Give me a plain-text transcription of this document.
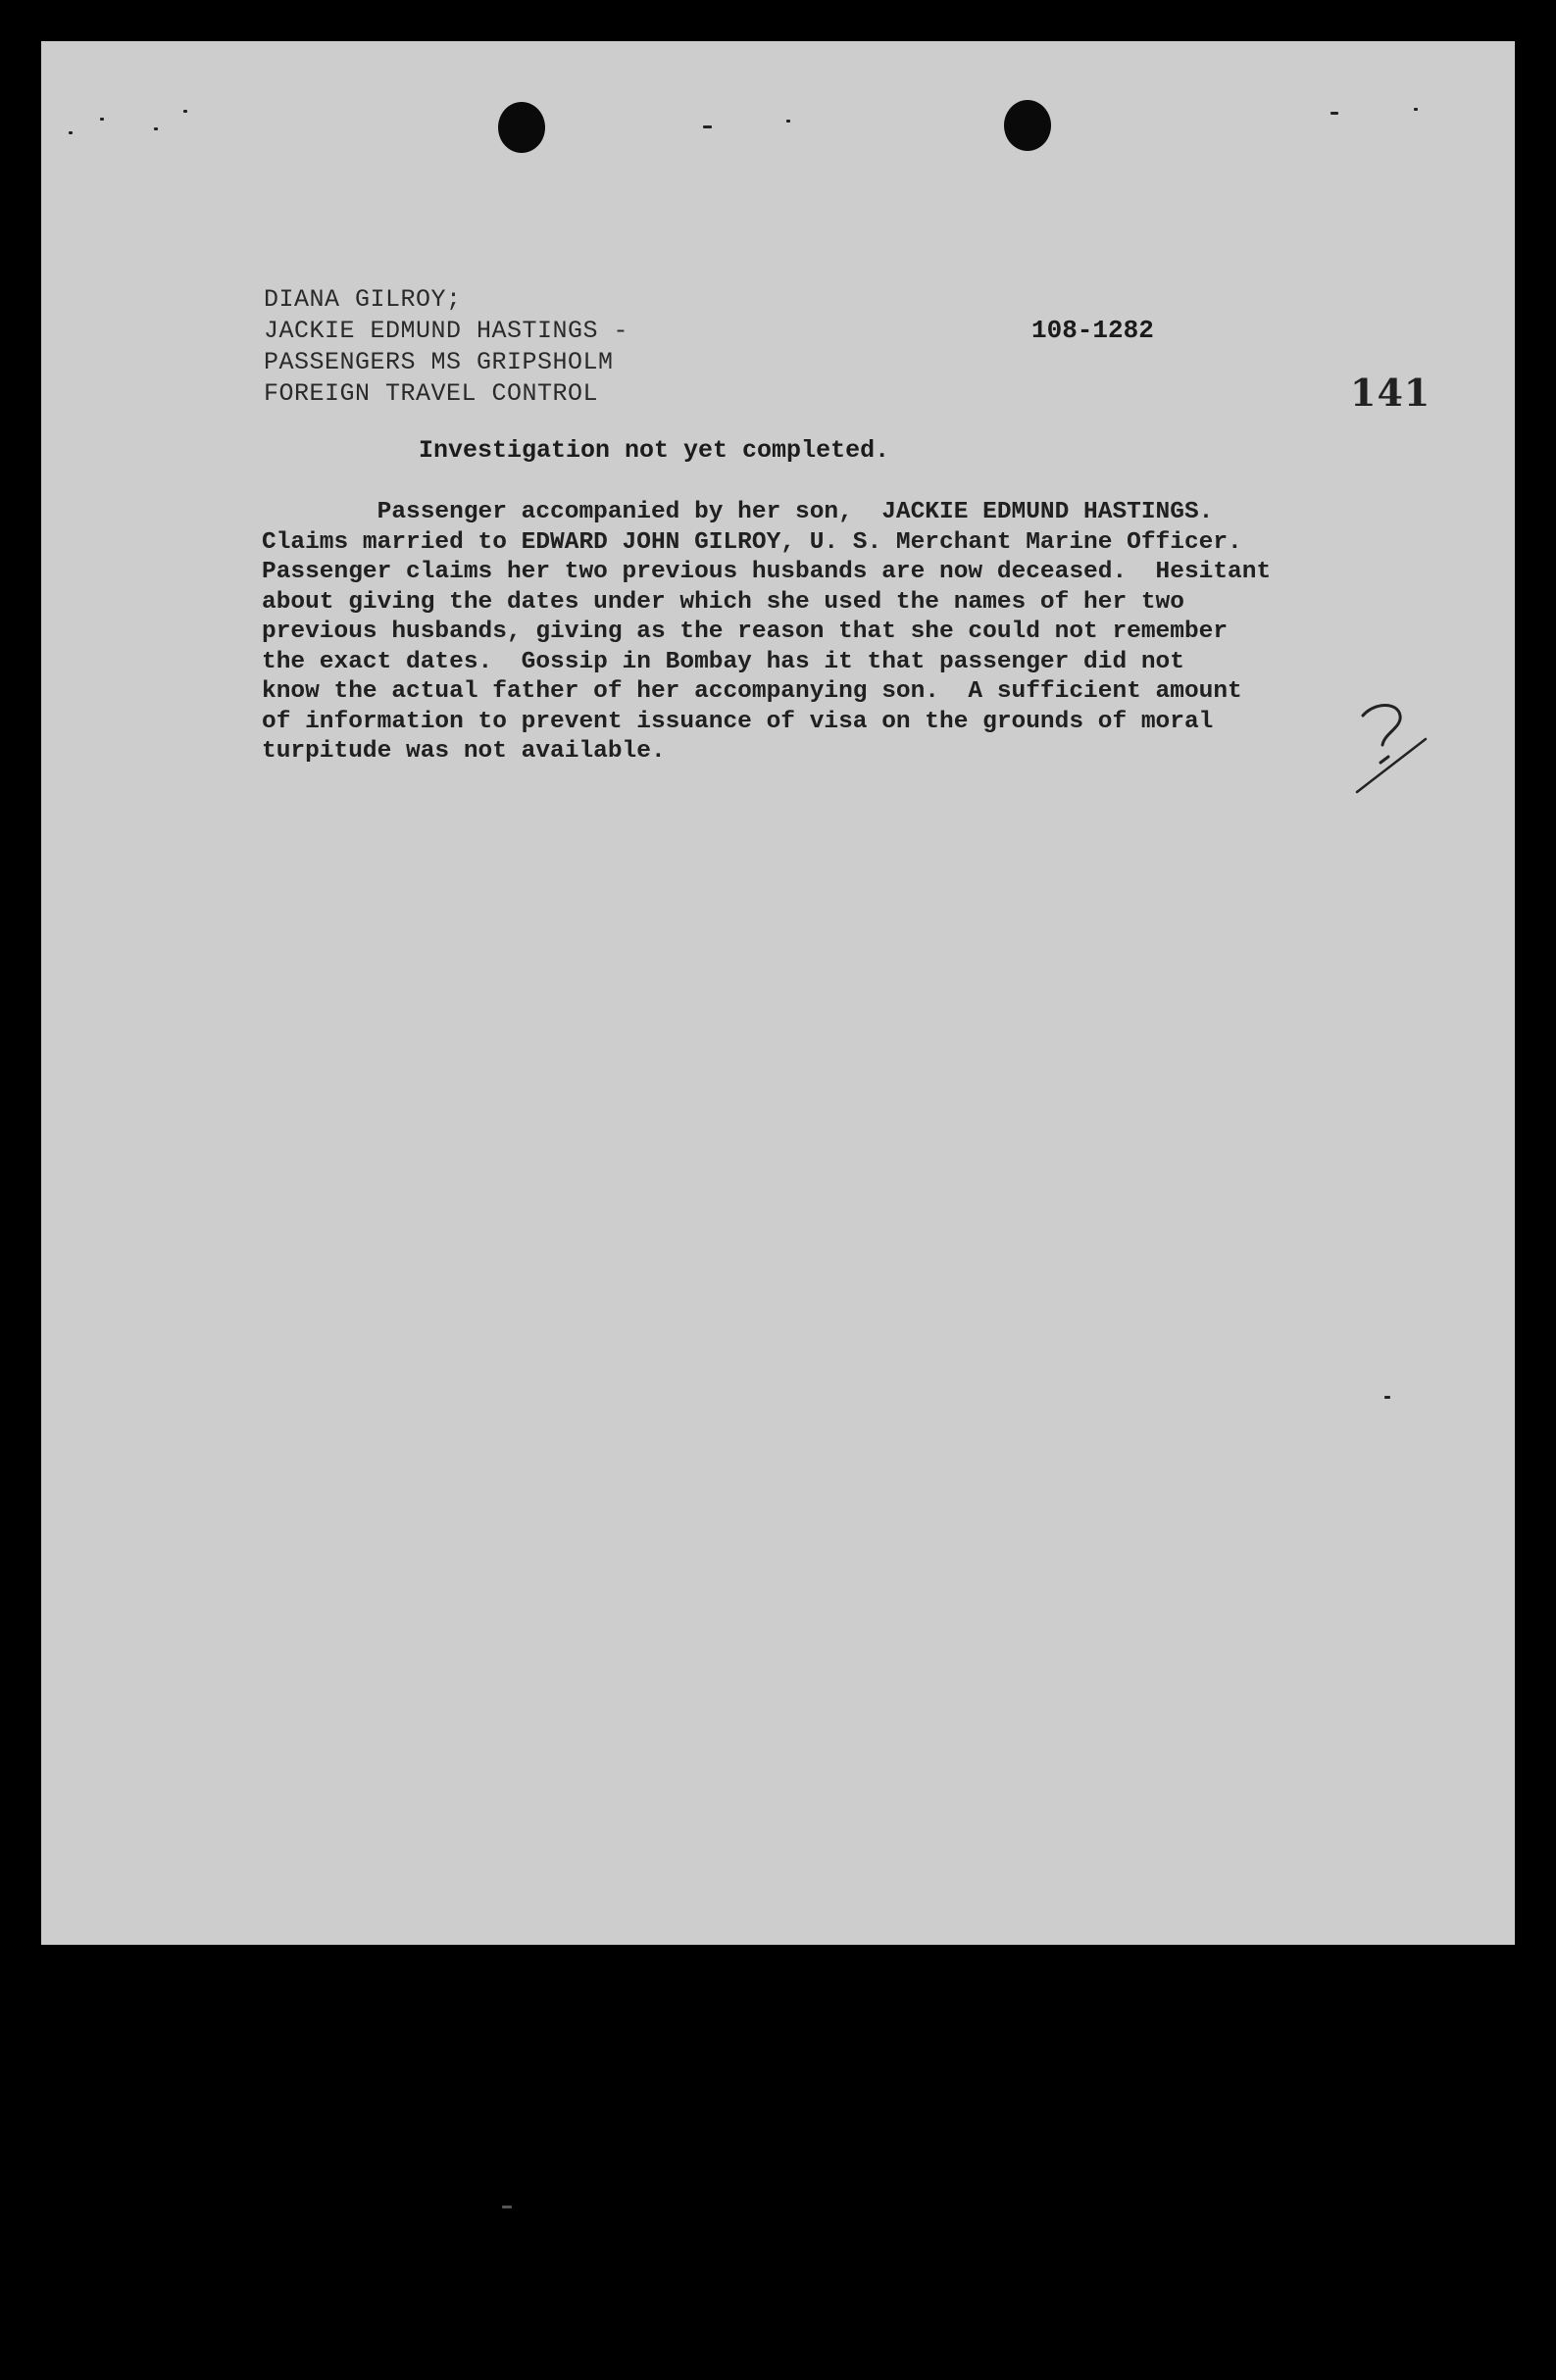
DIANA GILROY;
JACKIE EDMUND HASTINGS -
PASSENGERS MS GRIPSHOLM
FOREIGN TRAVEL CONTROL
108-1282
141
Investigation not yet completed.
Passenger accompanied by her son,  JACKIE EDMUND HASTINGS.
Claims married to EDWARD JOHN GILROY, U. S. Merchant Marine Officer.
Passenger claims her two previous husbands are now deceased.  Hesitant
about giving the dates under which she used the names of her two
previous husbands, giving as the reason that she could not remember
the exact dates.  Gossip in Bombay has it that passenger did not
know the actual father of her accompanying son.  A sufficient amount
of information to prevent issuance of visa on the grounds of moral
turpitude was not available.
